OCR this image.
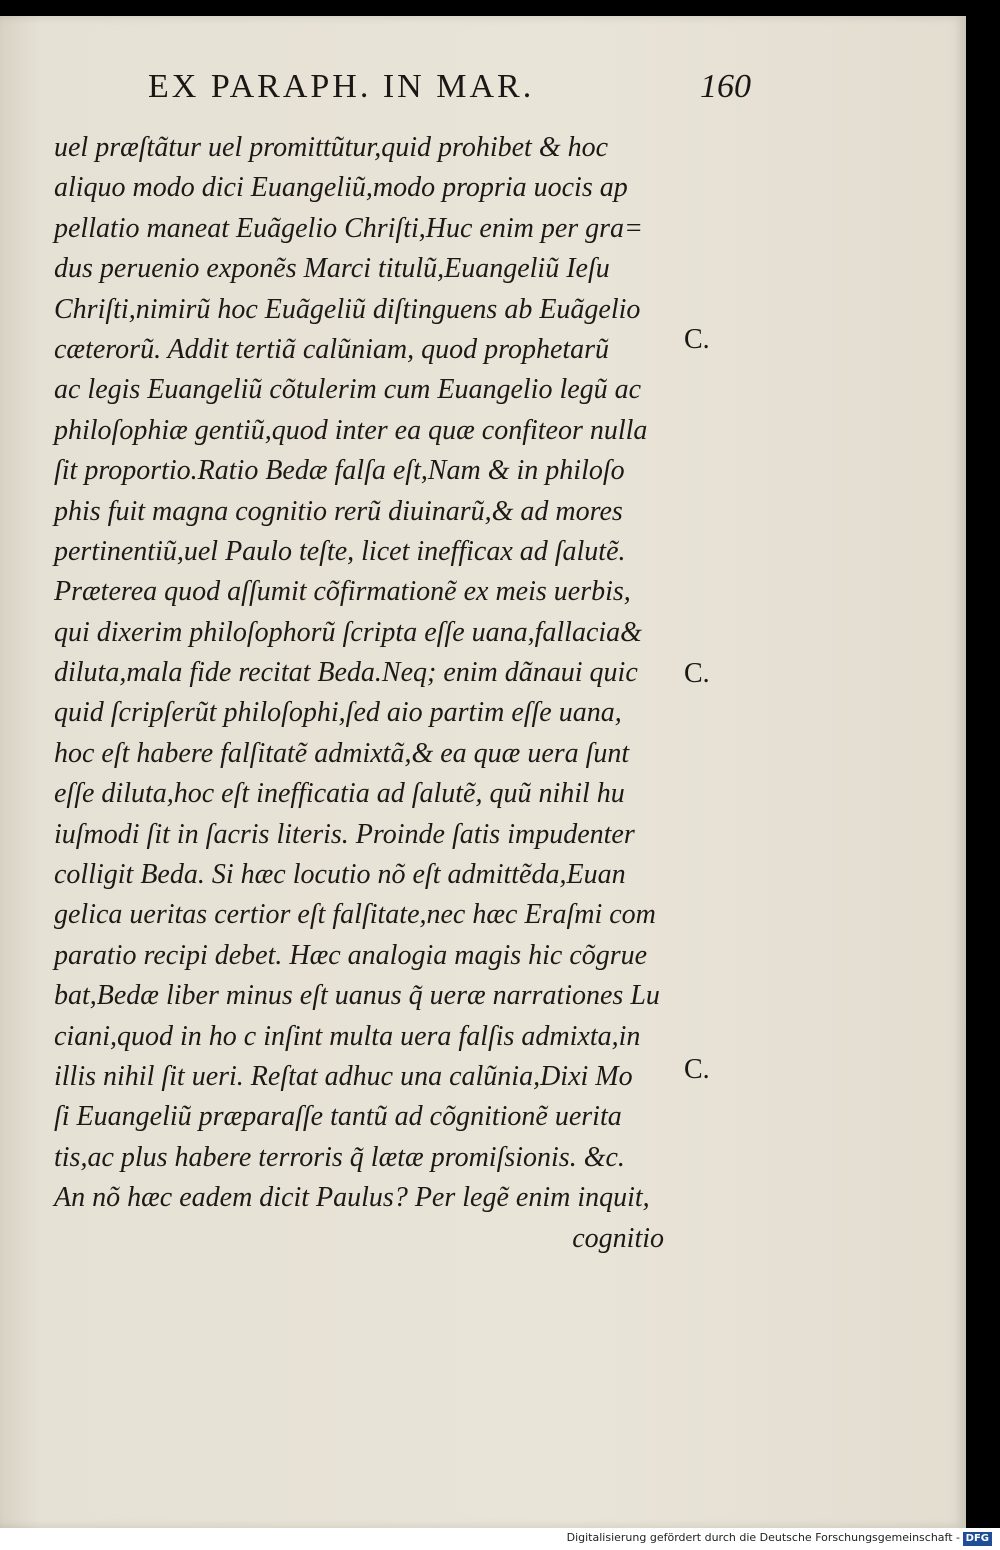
EX PARAPH. IN MAR.	160
uel præſtãtur uel promittũtur,quid prohibet & hoc
aliquo modo dici Euangeliũ,modo propria uocis ap
pellatio maneat Euãgelio Chriſti,Huc enim per gra=
dus peruenio exponẽs Marci titulũ,Euangeliũ Ieſu
Chriſti,nimirũ hoc Euãgeliũ diſtinguens ab Euãgelio
cæterorũ. Addit tertiã calũniam, quod prophetarũ
ac legis Euangeliũ cõtulerim cum Euangelio legũ ac
philoſophiæ gentiũ,quod inter ea quæ confiteor nulla
ſit proportio.Ratio Bedæ falſa eſt,Nam & in philoſo
phis fuit magna cognitio rerũ diuinarũ,& ad mores
pertinentiũ,uel Paulo teſte, licet inefficax ad ſalutẽ.
Præterea quod aſſumit cõfirmationẽ ex meis uerbis,
qui dixerim philoſophorũ ſcripta eſſe uana,fallacia&
diluta,mala fide recitat Beda.Neq; enim dãnaui quic
quid ſcripſerũt philoſophi,ſed aio partim eſſe uana,
hoc eſt habere falſitatẽ admixtã,& ea quæ uera ſunt
eſſe diluta,hoc eſt inefficatia ad ſalutẽ, quũ nihil hu
iuſmodi ſit in ſacris literis. Proinde ſatis impudenter
colligit Beda. Si hæc locutio nõ eſt admittẽda,Euan
gelica ueritas certior eſt falſitate,nec hæc Eraſmi com
paratio recipi debet. Hæc analogia magis hic cõgrue
bat,Bedæ liber minus eſt uanus q̃ ueræ narrationes Lu
ciani,quod in ho c inſint multa uera falſis admixta,in
illis nihil ſit ueri. Reſtat adhuc una calũnia,Dixi Mo
ſi Euangeliũ præparaſſe tantũ ad cõgnitionẽ uerita
tis,ac plus habere terroris q̃ lætæ promiſsionis. &c.
An nõ hæc eadem dicit Paulus? Per legẽ enim inquit,
cognitio
C.
C.
C.
Digitalisierung gefördert durch die Deutsche Forschungsgemeinschaft - DFG
